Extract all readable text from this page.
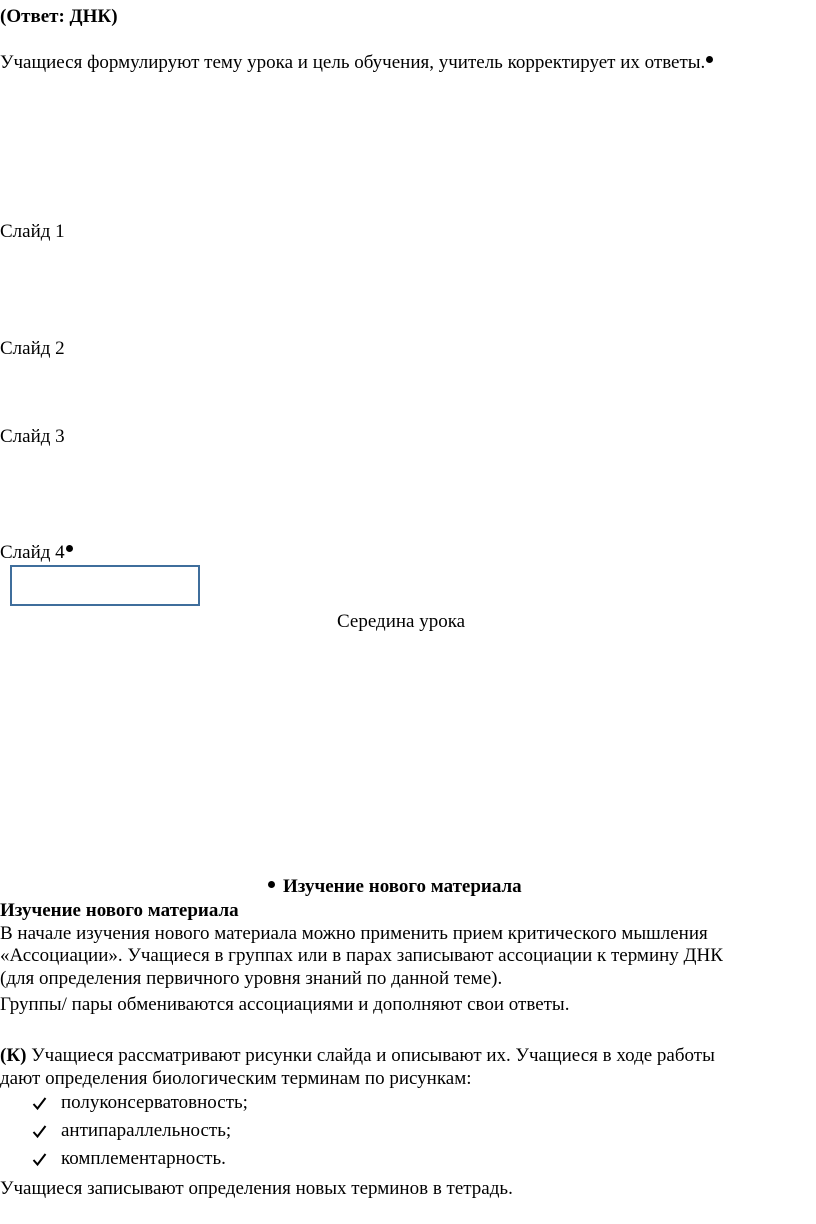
(Ответ: ДНК)
Учащиеся формулируют тему урока и цель обучения, учитель корректирует их ответы.
Слайд 1
Слайд 2
Слайд 3
Слайд 4
Середина урока
Изучение нового материала
Изучение нового материала
В начале изучения нового материала можно применить прием критического мышления
«Ассоциации». Учащиеся в группах или в парах записывают ассоциации к термину ДНК
(для определения первичного уровня знаний по данной теме).
Группы/ пары обмениваются ассоциациями и дополняют свои ответы.
(К) Учащиеся рассматривают рисунки слайда и описывают их. Учащиеся в ходе работы
дают определения биологическим терминам по рисункам:
полуконсерватовность;
антипараллельность;
комплементарность.
Учащиеся записывают определения новых терминов в тетрадь.
